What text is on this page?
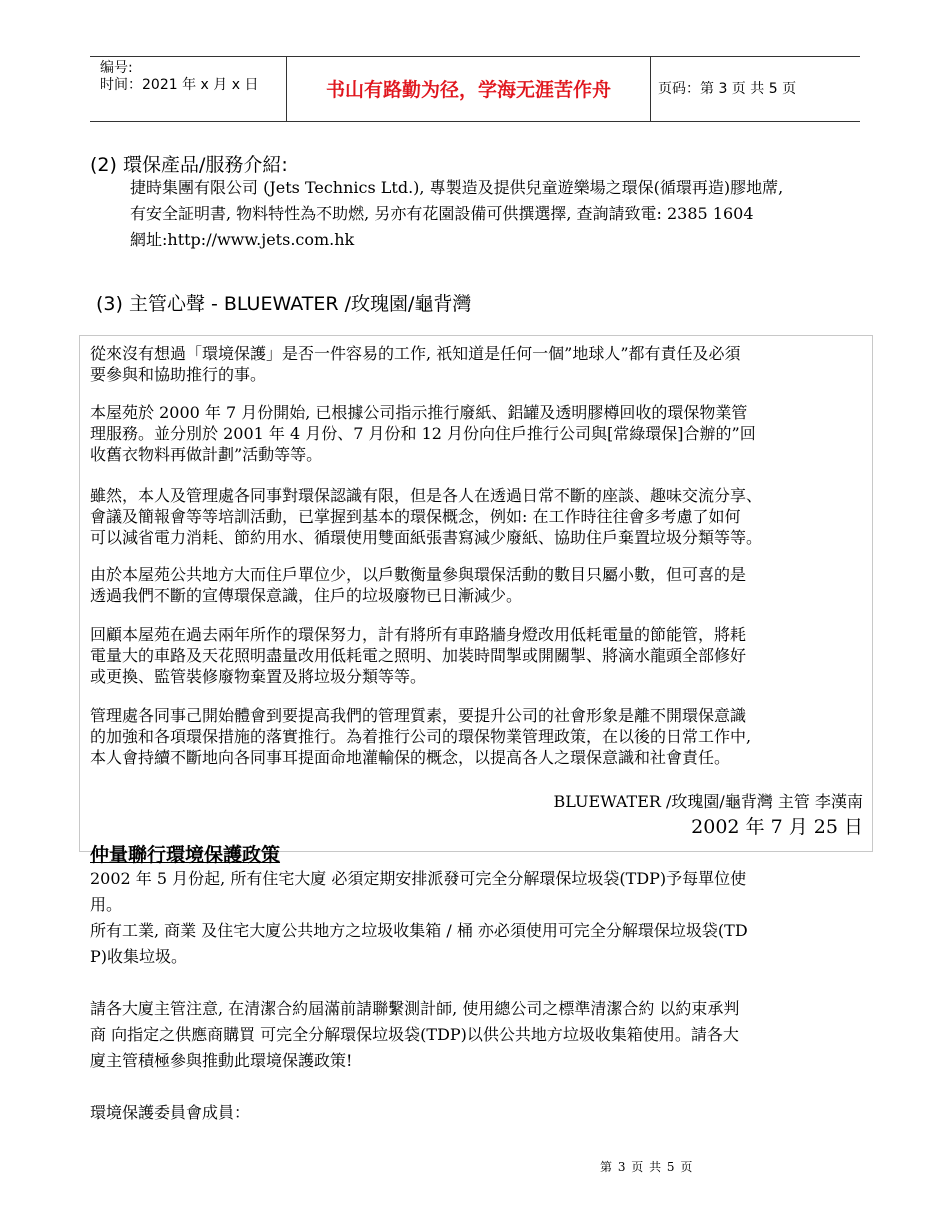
编号:
时间：2021 年 x 月 x 日	书山有路勤为径，学海无涯苦作舟	页码：第 3 页 共 5 页
(2) 環保產品/服務介紹:
捷時集團有限公司 (Jets Technics Ltd.), 專製造及提供兒童遊樂場之環保(循環再造)膠地蓆,
有安全証明書, 物料特性為不助燃, 另亦有花園設備可供撰選擇, 查詢請致電: 2385 1604
網址:http://www.jets.com.hk
(3) 主管心聲 - BLUEWATER /玫瑰園/龜背灣
從來沒有想過「環境保護」是否一件容易的工作, 祇知道是任何一個”地球人”都有責任及必須
要參與和協助推行的事。
本屋苑於 2000 年 7 月份開始, 已根據公司指示推行廢紙、鋁罐及透明膠樽回收的環保物業管
理服務。並分別於 2001 年 4 月份、7 月份和 12 月份向住戶推行公司與[常綠環保]合辦的”回
收舊衣物料再做計劃”活動等等。
雖然，本人及管理處各同事對環保認識有限，但是各人在透過日常不斷的座談、趣味交流分享、
會議及簡報會等等培訓活動，已掌握到基本的環保概念，例如: 在工作時往往會多考慮了如何
可以減省電力消耗、節約用水、循環使用雙面紙張書寫減少廢紙、協助住戶棄置垃圾分類等等。
由於本屋苑公共地方大而住戶單位少，以戶數衡量參與環保活動的數目只屬小數，但可喜的是
透過我們不斷的宣傳環保意識，住戶的垃圾廢物已日漸減少。
回顧本屋苑在過去兩年所作的環保努力，計有將所有車路牆身燈改用低耗電量的節能管，將耗
電量大的車路及天花照明盡量改用低耗電之照明、加裝時間掣或開關掣、將滴水龍頭全部修好
或更換、監管裝修廢物棄置及將垃圾分類等等。
管理處各同事己開始體會到要提高我們的管理質素，要提升公司的社會形象是離不開環保意識
的加強和各項環保措施的落實推行。為着推行公司的環保物業管理政策，在以後的日常工作中,
本人會持續不斷地向各同事耳提面命地灌輸保的概念，以提高各人之環保意識和社會責任。
BLUEWATER /玫瑰園/龜背灣 主管 李漢南
2002 年 7 月 25 日
仲量聯行環境保護政策
2002 年 5 月份起, 所有住宅大廈 必須定期安排派發可完全分解環保垃圾袋(TDP)予每單位使
用。
所有工業, 商業 及住宅大廈公共地方之垃圾收集箱 / 桶 亦必須使用可完全分解環保垃圾袋(TD
P)收集垃圾。
請各大廈主管注意, 在清潔合約屆滿前請聯繫測計師, 使用總公司之標準清潔合約 以約束承判
商 向指定之供應商購買 可完全分解環保垃圾袋(TDP)以供公共地方垃圾收集箱使用。請各大
廈主管積極參與推動此環境保護政策!
環境保護委員會成員：
第 3 页 共 5 页
